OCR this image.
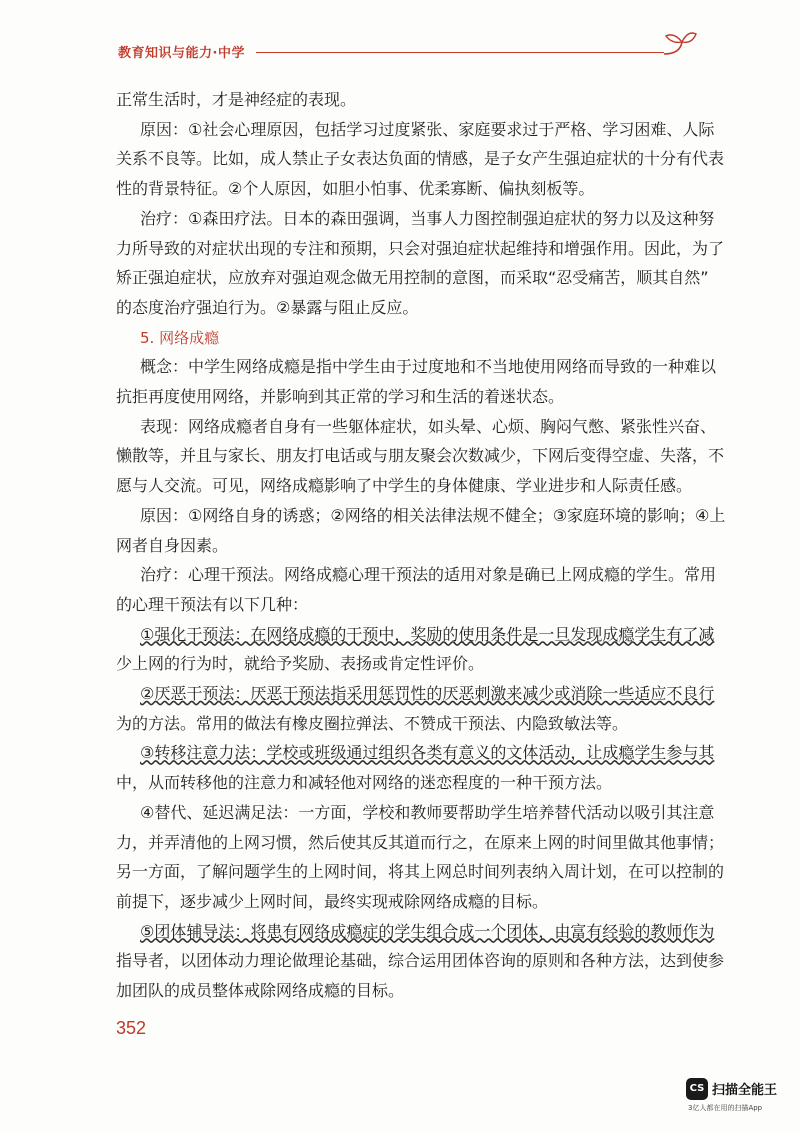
教育知识与能力·中学
正常生活时，才是神经症的表现。
原因：①社会心理原因，包括学习过度紧张、家庭要求过于严格、学习困难、人际
关系不良等。比如，成人禁止子女表达负面的情感，是子女产生强迫症状的十分有代表
性的背景特征。②个人原因，如胆小怕事、优柔寡断、偏执刻板等。
治疗：①森田疗法。日本的森田强调，当事人力图控制强迫症状的努力以及这种努
力所导致的对症状出现的专注和预期，只会对强迫症状起维持和增强作用。因此，为了
矫正强迫症状，应放弃对强迫观念做无用控制的意图，而采取“忍受痛苦，顺其自然”
的态度治疗强迫行为。②暴露与阻止反应。
5. 网络成瘾
概念：中学生网络成瘾是指中学生由于过度地和不当地使用网络而导致的一种难以
抗拒再度使用网络，并影响到其正常的学习和生活的着迷状态。
表现：网络成瘾者自身有一些躯体症状，如头晕、心烦、胸闷气憋、紧张性兴奋、
懒散等，并且与家长、朋友打电话或与朋友聚会次数减少，下网后变得空虚、失落，不
愿与人交流。可见，网络成瘾影响了中学生的身体健康、学业进步和人际责任感。
原因：①网络自身的诱惑；②网络的相关法律法规不健全；③家庭环境的影响；④上
网者自身因素。
治疗：心理干预法。网络成瘾心理干预法的适用对象是确已上网成瘾的学生。常用
的心理干预法有以下几种：
①强化干预法：在网络成瘾的干预中，奖励的使用条件是一旦发现成瘾学生有了减
少上网的行为时，就给予奖励、表扬或肯定性评价。
②厌恶干预法：厌恶干预法指采用惩罚性的厌恶刺激来减少或消除一些适应不良行
为的方法。常用的做法有橡皮圈拉弹法、不赞成干预法、内隐致敏法等。
③转移注意力法：学校或班级通过组织各类有意义的文体活动，让成瘾学生参与其
中，从而转移他的注意力和减轻他对网络的迷恋程度的一种干预方法。
④替代、延迟满足法：一方面，学校和教师要帮助学生培养替代活动以吸引其注意
力，并弄清他的上网习惯，然后使其反其道而行之，在原来上网的时间里做其他事情；
另一方面，了解问题学生的上网时间，将其上网总时间列表纳入周计划，在可以控制的
前提下，逐步减少上网时间，最终实现戒除网络成瘾的目标。
⑤团体辅导法：将患有网络成瘾症的学生组合成一个团体，由富有经验的教师作为
指导者，以团体动力理论做理论基础，综合运用团体咨询的原则和各种方法，达到使参
加团队的成员整体戒除网络成瘾的目标。
352
CS 扫描全能王
3亿人都在用的扫描App
